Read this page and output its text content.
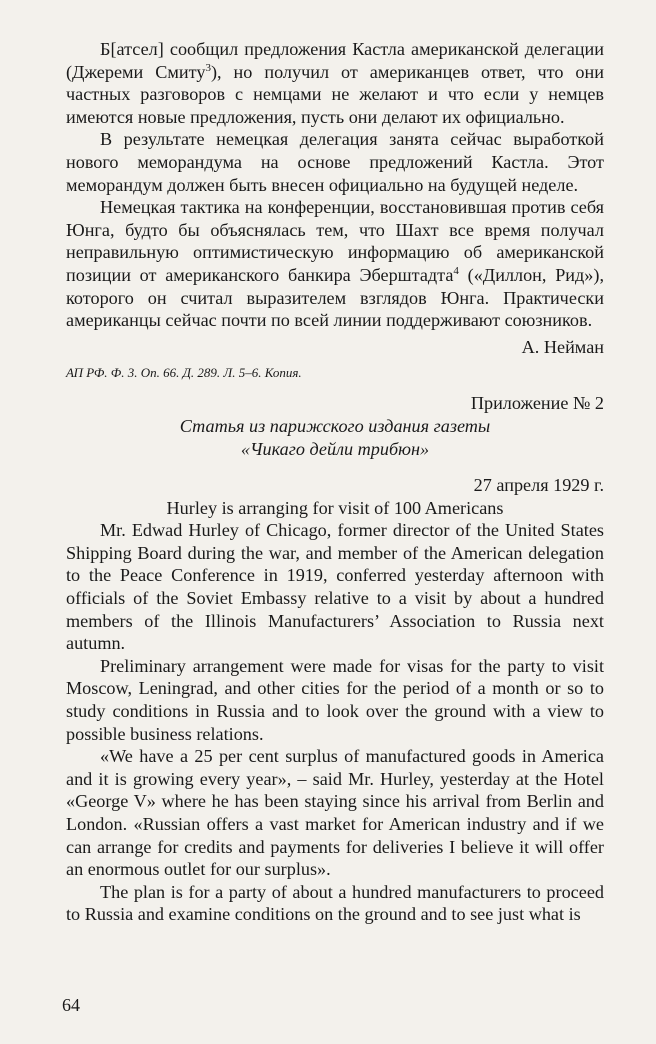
Б[атсел] сообщил предложения Кастла американской делегации (Джереми Смиту$^3$), но получил от американцев ответ, что они частных разговоров с немцами не желают и что если у немцев имеются новые предложения, пусть они делают их официально.

В результате немецкая делегация занята сейчас выработкой нового меморандума на основе предложений Кастла. Этот меморандум должен быть внесен официально на будущей неделе.

Немецкая тактика на конференции, восстановившая против себя Юнга, будто бы объяснялась тем, что Шахт все время получал неправильную оптимистическую информацию об американской позиции от американского банкира Эберштадта$^4$ («Диллон, Рид»), которого он считал выразителем взглядов Юнга. Практически американцы сейчас почти по всей линии поддерживают союзников.

А. Нейман

АП РФ. Ф. 3. Оп. 66. Д. 289. Л. 5–6. Копия.

Приложение № 2

Статья из парижского издания газеты

«Чикаго дейли трибюн»

27 апреля 1929 г.

Hurley is arranging for visit of 100 Americans

Mr. Edwad Hurley of Chicago, former director of the United States Shipping Board during the war, and member of the American delegation to the Peace Conference in 1919, conferred yesterday afternoon with officials of the Soviet Embassy relative to a visit by about a hundred members of the Illinois Manufacturers’ Association to Russia next autumn.

Preliminary arrangement were made for visas for the party to visit Moscow, Leningrad, and other cities for the period of a month or so to study conditions in Russia and to look over the ground with a view to possible business relations.

«We have a 25 per cent surplus of manufactured goods in America and it is growing every year», – said Mr. Hurley, yesterday at the Hotel «George V» where he has been staying since his arrival from Berlin and London. «Russian offers a vast market for American industry and if we can arrange for credits and payments for deliveries I believe it will offer an enormous outlet for our surplus».

The plan is for a party of about a hundred manufacturers to proceed to Russia and examine conditions on the ground and to see just what is

64
